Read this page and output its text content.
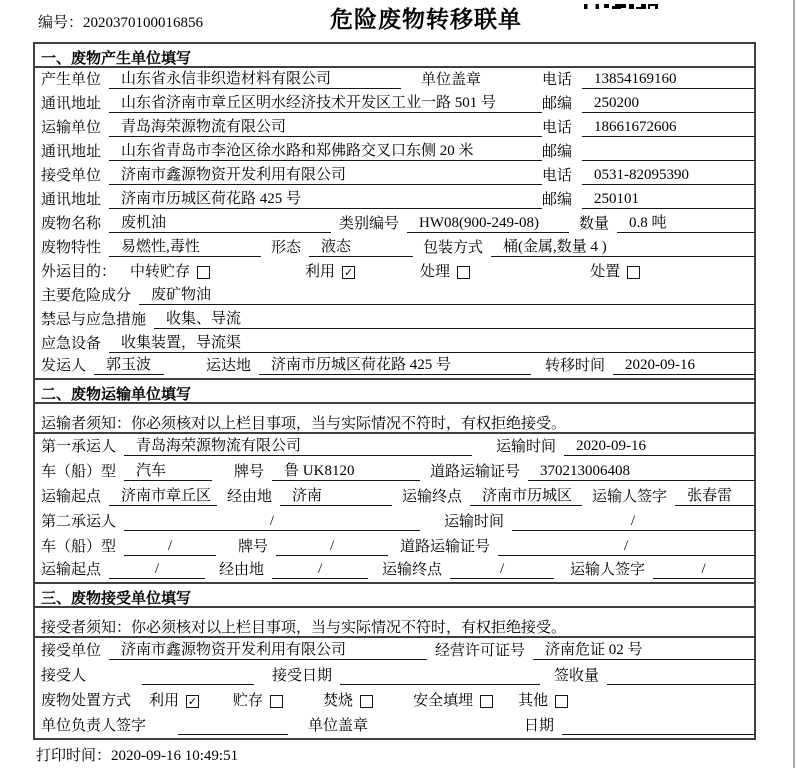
编号：2020370100016856	危险废物转移联单
一、废物产生单位填写
产生单位	山东省永信非织造材料有限公司	单位盖章	电话	13854169160
通讯地址	山东省济南市章丘区明水经济技术开发区工业一路 501 号	邮编	250200
运输单位	青岛海荣源物流有限公司	电话	18661672606
通讯地址	山东省青岛市李沧区徐水路和郑佛路交叉口东侧 20 米	邮编
接受单位	济南市鑫源物资开发利用有限公司	电话	0531-82095390
通讯地址	济南市历城区荷花路 425 号	邮编	250101
废物名称	废机油	类别编号	HW08(900-249-08)	数量	0.8 吨
废物特性	易燃性,毒性	形态	液态	包装方式	桶(金属,数量 4 )
外运目的： 中转贮存	利用 ✓	处理	处置
主要危险成分	废矿物油
禁忌与应急措施	收集、导流
应急设备	收集装置，导流渠
发运人	郭玉波	运达地	济南市历城区荷花路 425 号	转移时间	2020-09-16
二、废物运输单位填写
运输者须知：你必须核对以上栏目事项，当与实际情况不符时，有权拒绝接受。
第一承运人	青岛海荣源物流有限公司	运输时间	2020-09-16
车（船）型	汽车	牌号	鲁 UK8120	道路运输证号	370213006408
运输起点	济南市章丘区	经由地	济南	运输终点	济南市历城区	运输人签字	张春雷
第二承运人	/	运输时间	/
车（船）型	/	牌号	/	道路运输证号	/
运输起点	/	经由地	/	运输终点	/	运输人签字	/
三、废物接受单位填写
接受者须知：你必须核对以上栏目事项，当与实际情况不符时，有权拒绝接受。
接受单位	济南市鑫源物资开发利用有限公司	经营许可证号	济南危证 02 号
接受人	接受日期	签收量
废物处置方式 利用 ✓ 贮存	焚烧	安全填埋	其他
单位负责人签字	单位盖章	日期
打印时间：2020-09-16 10:49:51
